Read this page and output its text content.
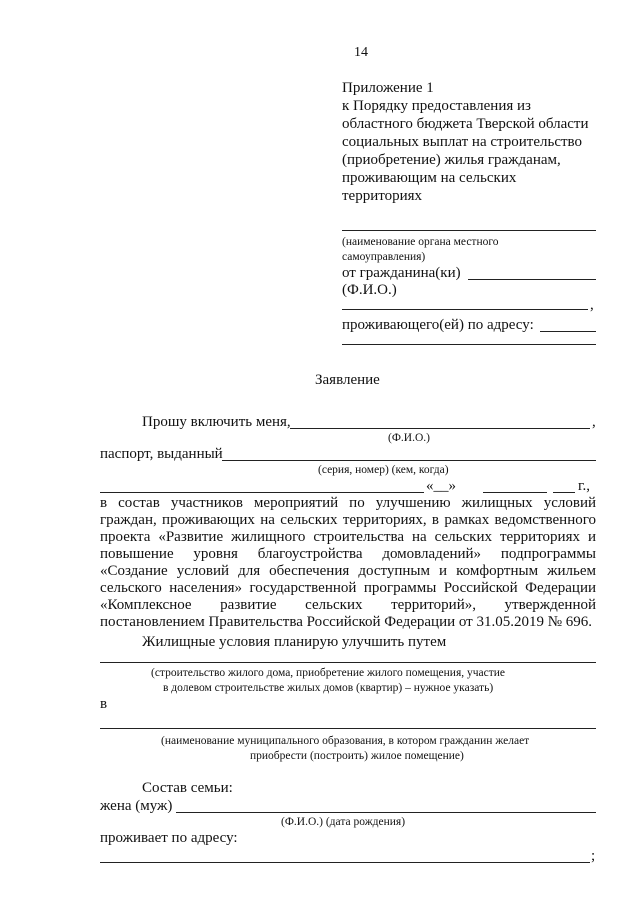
14
Приложение 1
к Порядку предоставления из
областного бюджета Тверской области
социальных выплат на строительство
(приобретение) жилья гражданам,
проживающим на сельских
территориях
(наименование органа местного
самоуправления)
от гражданина(ки)
(Ф.И.О.)
,
проживающего(ей) по адресу:
Заявление
Прошу включить меня,	,
(Ф.И.О.)
паспорт, выданный
(серия, номер) (кем, когда)
«__»	г.,
в состав участников мероприятий по улучшению жилищных условий
граждан, проживающих на сельских территориях, в рамках ведомственного
проекта «Развитие жилищного строительства на сельских территориях и
повышение уровня благоустройства домовладений» подпрограммы
«Создание условий для обеспечения доступным и комфортным жильем
сельского населения» государственной программы Российской Федерации
«Комплексное развитие сельских территорий», утвержденной
постановлением Правительства Российской Федерации от 31.05.2019 № 696.
Жилищные условия планирую улучшить путем
(строительство жилого дома, приобретение жилого помещения, участие
в долевом строительстве жилых домов (квартир) – нужное указать)
в
(наименование муниципального образования, в котором гражданин желает
приобрести (построить) жилое помещение)
Состав семьи:
жена (муж)
(Ф.И.О.) (дата рождения)
проживает по адресу:
;
